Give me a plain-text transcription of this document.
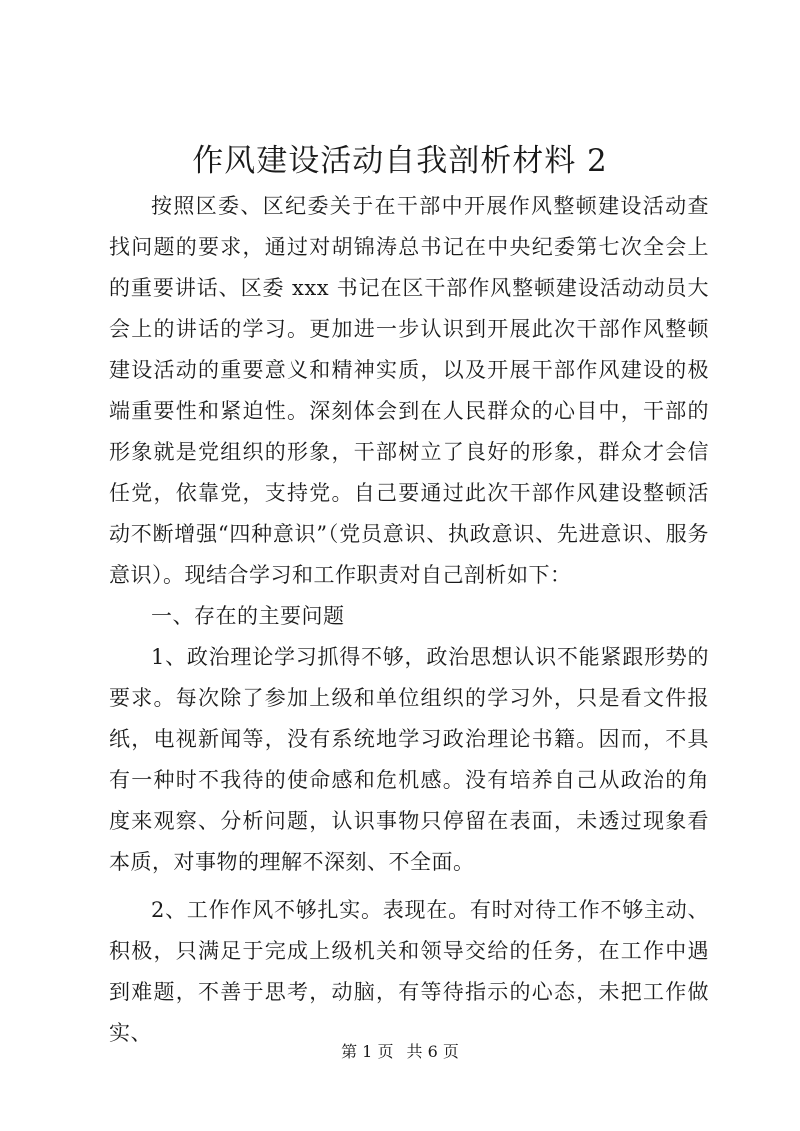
作风建设活动自我剖析材料 2

按照区委、区纪委关于在干部中开展作风整顿建设活动查找问题的要求，通过对胡锦涛总书记在中央纪委第七次全会上的重要讲话、区委 xxx 书记在区干部作风整顿建设活动动员大会上的讲话的学习。更加进一步认识到开展此次干部作风整顿建设活动的重要意义和精神实质，以及开展干部作风建设的极端重要性和紧迫性。深刻体会到在人民群众的心目中，干部的形象就是党组织的形象，干部树立了良好的形象，群众才会信任党，依靠党，支持党。自己要通过此次干部作风建设整顿活动不断增强“四种意识”（党员意识、执政意识、先进意识、服务意识）。现结合学习和工作职责对自己剖析如下：

一、存在的主要问题

1、政治理论学习抓得不够，政治思想认识不能紧跟形势的要求。每次除了参加上级和单位组织的学习外，只是看文件报纸，电视新闻等，没有系统地学习政治理论书籍。因而，不具有一种时不我待的使命感和危机感。没有培养自己从政治的角度来观察、分析问题，认识事物只停留在表面，未透过现象看本质，对事物的理解不深刻、不全面。

2、工作作风不够扎实。表现在。有时对待工作不够主动、积极，只满足于完成上级机关和领导交给的任务，在工作中遇到难题，不善于思考，动脑，有等待指示的心态，未把工作做实、

第 1 页 共 6 页
